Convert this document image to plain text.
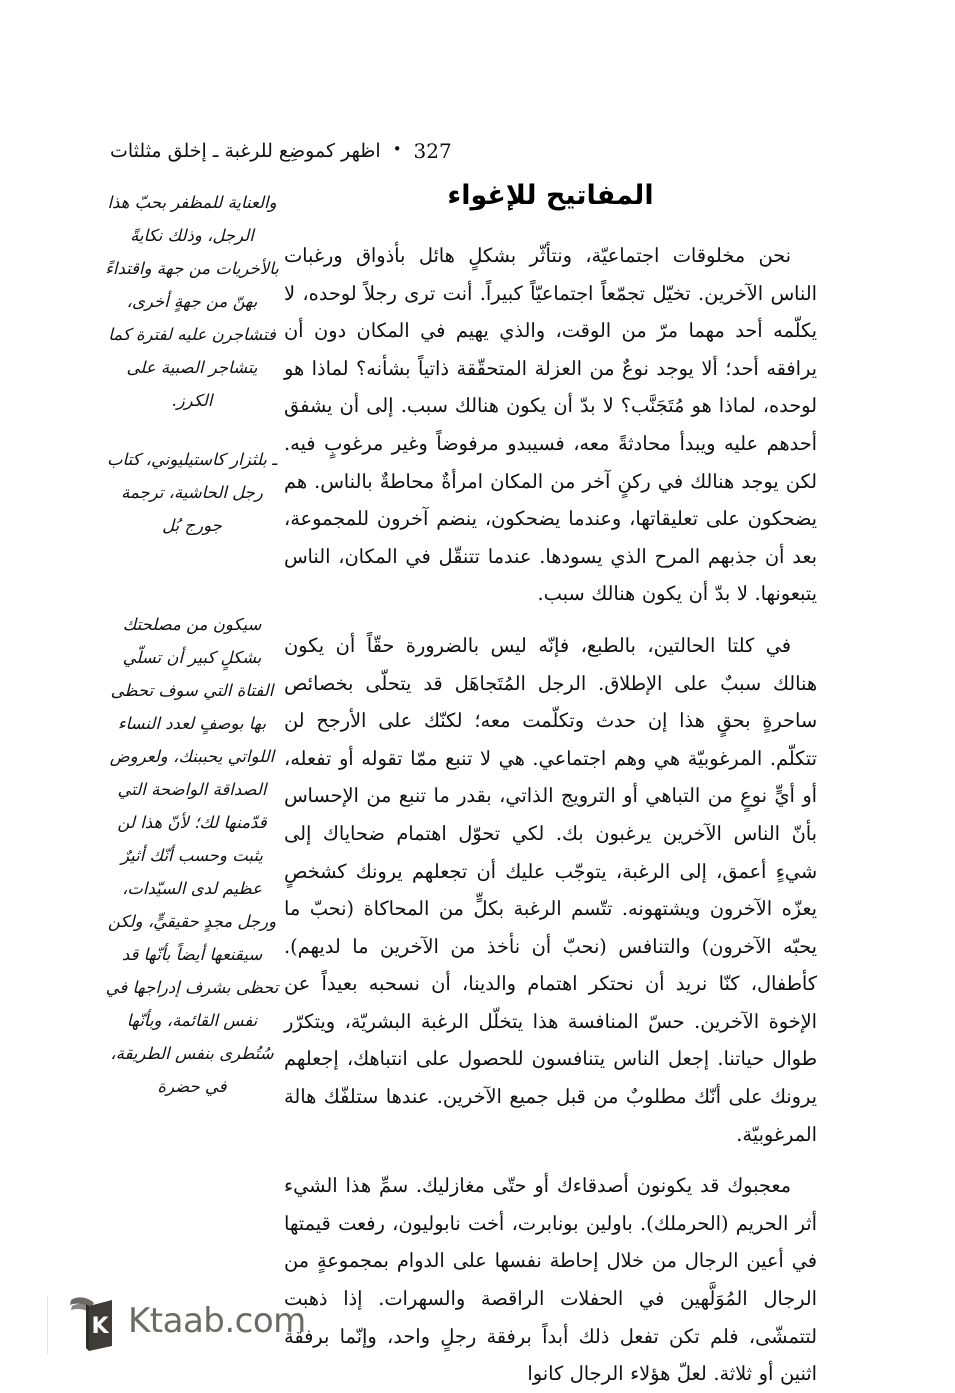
اظهر كموضِع للرغبة ـ إخلق مثلثات • 327
المفاتيح للإغواء

نحن مخلوقات اجتماعيّة، ونتأثّر بشكلٍ هائل بأذواق ورغبات الناس الآخرين. تخيّل تجمّعاً اجتماعيّاً كبيراً. أنت ترى رجلاً لوحده، لا يكلّمه أحد مهما مرّ من الوقت، والذي يهيم في المكان دون أن يرافقه أحد؛ ألا يوجد نوعٌ من العزلة المتحقّقة ذاتياً بشأنه؟ لماذا هو لوحده، لماذا هو مُتَجَنَّب؟ لا بدّ أن يكون هنالك سبب. إلى أن يشفق أحدهم عليه ويبدأ محادثةً معه، فسيبدو مرفوضاً وغير مرغوبٍ فيه. لكن يوجد هنالك في ركنٍ آخر من المكان امرأةٌ محاطةٌ بالناس. هم يضحكون على تعليقاتها، وعندما يضحكون، ينضم آخرون للمجموعة، بعد أن جذبهم المرح الذي يسودها. عندما تتنقّل في المكان، الناس يتبعونها. لا بدّ أن يكون هنالك سبب.

في كلتا الحالتين، بالطبع، فإنّه ليس بالضرورة حقّاً أن يكون هنالك سببٌ على الإطلاق. الرجل المُتَجاهَل قد يتحلّى بخصائص ساحرةٍ بحقٍ هذا إن حدث وتكلّمت معه؛ لكنّك على الأرجح لن تتكلّم. المرغوبيّة هي وهم اجتماعي. هي لا تنبع ممّا تقوله أو تفعله، أو أيٍّ نوعٍ من التباهي أو الترويج الذاتي، بقدر ما تنبع من الإحساس بأنّ الناس الآخرين يرغبون بك. لكي تحوّل اهتمام ضحاياك إلى شيءٍ أعمق، إلى الرغبة، يتوجّب عليك أن تجعلهم يرونك كشخصٍ يعزّه الآخرون ويشتهونه. تتّسم الرغبة بكلٍّ من المحاكاة (نحبّ ما يحبّه الآخرون) والتنافس (نحبّ أن نأخذ من الآخرين ما لديهم). كأطفال، كنّا نريد أن نحتكر اهتمام والدينا، أن نسحبه بعيداً عن الإخوة الآخرين. حسّ المنافسة هذا يتخلّل الرغبة البشريّة، ويتكرّر طوال حياتنا. إجعل الناس يتنافسون للحصول على انتباهك، إجعلهم يرونك على أنّك مطلوبٌ من قبل جميع الآخرين. عندها ستلفّك هالة المرغوبيّة.

معجبوك قد يكونون أصدقاءك أو حتّى مغازليك. سمِّ هذا الشيء أثر الحريم (الحرملك). باولين بونابرت، أخت نابوليون، رفعت قيمتها في أعين الرجال من خلال إحاطة نفسها على الدوام بمجموعةٍ من الرجال المُوَلَّهين في الحفلات الراقصة والسهرات. إذا ذهبت لتتمشّى، فلم تكن تفعل ذلك أبداً برفقة رجلٍ واحد، وإنّما برفقة اثنين أو ثلاثة. لعلّ هؤلاء الرجال كانوا

والعناية للمظفر بحبّ هذا الرجل، وذلك نكايةً بالأخريات من جهة واقتداءً بهنّ من جهةٍ أخرى، فتشاجرن عليه لفترة كما يتشاجر الصبية على الكرز.

ـ بلثزار كاستيليوني، كتاب رجل الحاشية، ترجمة جورج بُل

سيكون من مصلحتك بشكلٍ كبير أن تسلّي الفتاة التي سوف تحظى بها بوصفٍ لعدد النساء اللواتي يحببنك، ولعروض الصداقة الواضحة التي قدّمنها لك؛ لأنّ هذا لن يثبت وحسب أنّك أثيرٌ عظيم لدى السيّدات، ورجل مجدٍ حقيقيٍّ، ولكن سيقنعها أيضاً بأنّها قد تحظى بشرف إدراجها في نفس القائمة، وبأنّها سُتُطرى بنفس الطريقة، في حضرة

K Ktaab.com
